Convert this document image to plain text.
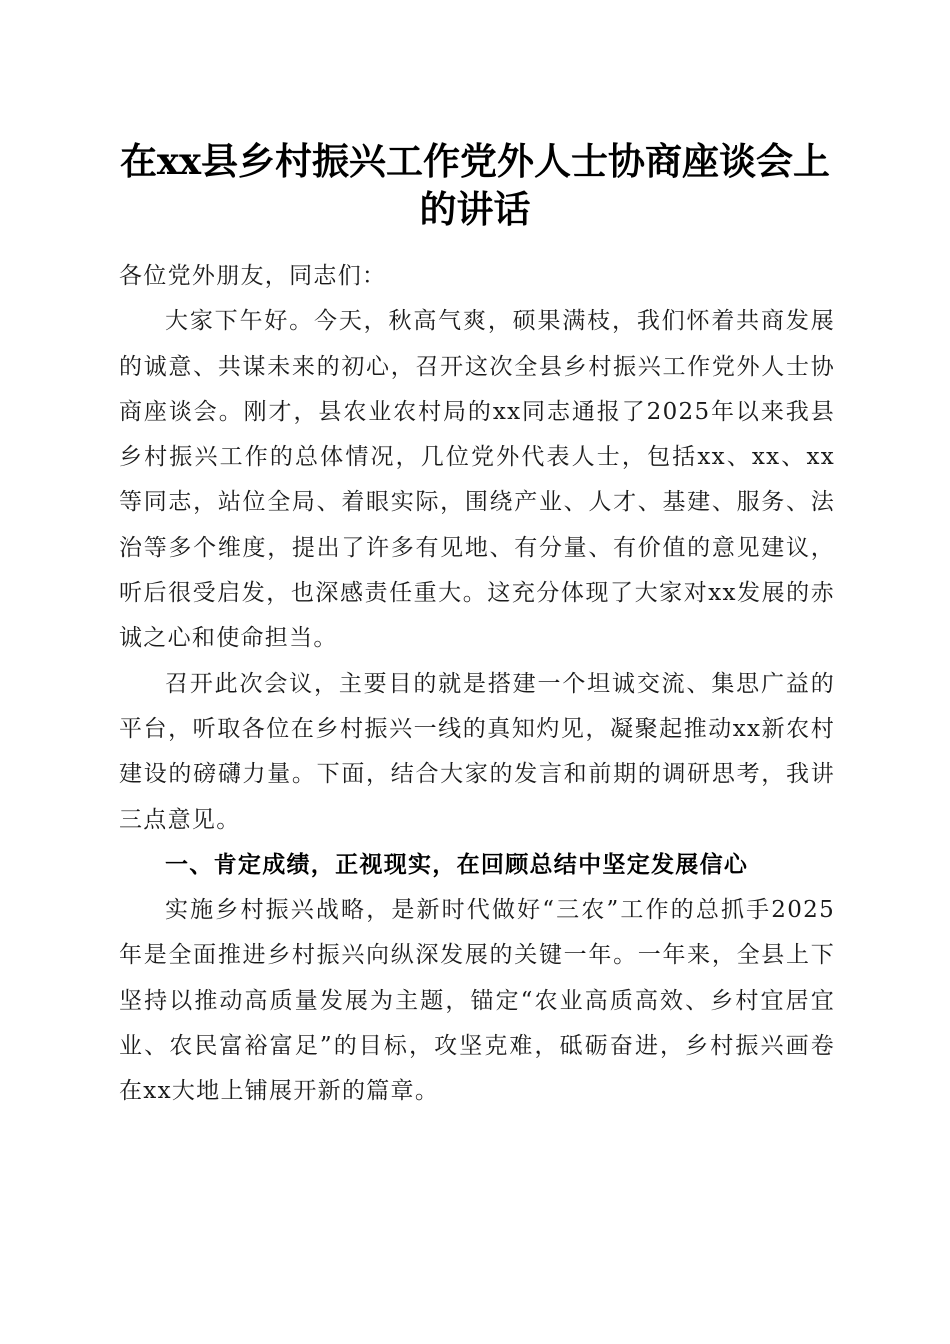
在xx县乡村振兴工作党外人士协商座谈会上
的讲话

各位党外朋友，同志们：

大家下午好。今天，秋高气爽，硕果满枝，我们怀着共商发展的诚意、共谋未来的初心，召开这次全县乡村振兴工作党外人士协商座谈会。刚才，县农业农村局的xx同志通报了2025年以来我县乡村振兴工作的总体情况，几位党外代表人士，包括xx、xx、xx等同志，站位全局、着眼实际，围绕产业、人才、基建、服务、法治等多个维度，提出了许多有见地、有分量、有价值的意见建议，听后很受启发，也深感责任重大。这充分体现了大家对xx发展的赤诚之心和使命担当。

召开此次会议，主要目的就是搭建一个坦诚交流、集思广益的平台，听取各位在乡村振兴一线的真知灼见，凝聚起推动xx新农村建设的磅礴力量。下面，结合大家的发言和前期的调研思考，我讲三点意见。

一、肯定成绩，正视现实，在回顾总结中坚定发展信心

实施乡村振兴战略，是新时代做好“三农”工作的总抓手2025年是全面推进乡村振兴向纵深发展的关键一年。一年来，全县上下坚持以推动高质量发展为主题，锚定“农业高质高效、乡村宜居宜业、农民富裕富足”的目标，攻坚克难，砥砺奋进，乡村振兴画卷在xx大地上铺展开新的篇章。
